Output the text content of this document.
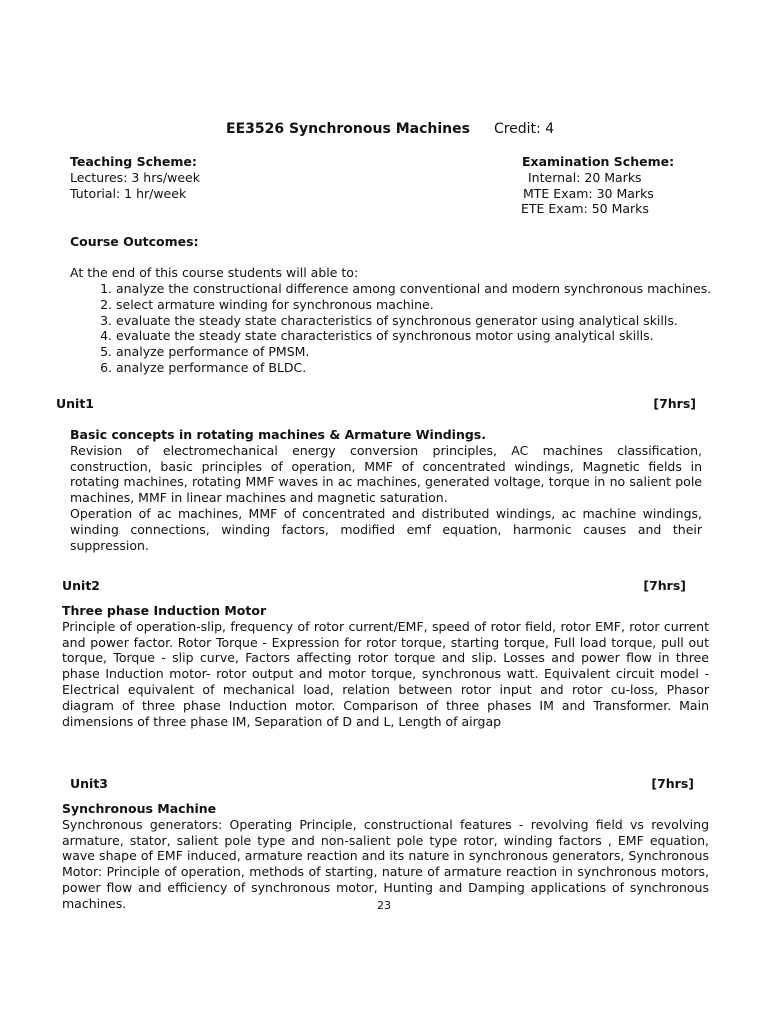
EE3526 Synchronous Machines Credit: 4
Teaching Scheme:
Lectures: 3 hrs/week
Tutorial: 1 hr/week
Examination Scheme:
Internal: 20 Marks
MTE Exam: 30 Marks
ETE Exam: 50 Marks
Course Outcomes:
At the end of this course students will able to:
1. analyze the constructional difference among conventional and modern synchronous machines.
2. select armature winding for synchronous machine.
3. evaluate the steady state characteristics of synchronous generator using analytical skills.
4. evaluate the steady state characteristics of synchronous motor using analytical skills.
5. analyze performance of PMSM.
6. analyze performance of BLDC.
Unit1	[7hrs]
Basic concepts in rotating machines & Armature Windings.
Revision of electromechanical energy conversion principles, AC machines classification, construction, basic principles of operation, MMF of concentrated windings, Magnetic fields in rotating machines, rotating MMF waves in ac machines, generated voltage, torque in no salient pole machines, MMF in linear machines and magnetic saturation.
Operation of ac machines, MMF of concentrated and distributed windings, ac machine windings, winding connections, winding factors, modified emf equation, harmonic causes and their suppression.
Unit2	[7hrs]
Three phase Induction Motor
Principle of operation-slip, frequency of rotor current/EMF, speed of rotor field, rotor EMF, rotor current and power factor. Rotor Torque - Expression for rotor torque, starting torque, Full load torque, pull out torque, Torque - slip curve, Factors affecting rotor torque and slip. Losses and power flow in three phase Induction motor- rotor output and motor torque, synchronous watt. Equivalent circuit model - Electrical equivalent of mechanical load, relation between rotor input and rotor cu-loss, Phasor diagram of three phase Induction motor. Comparison of three phases IM and Transformer. Main dimensions of three phase IM, Separation of D and L, Length of airgap
Unit3	[7hrs]
Synchronous Machine
Synchronous generators: Operating Principle, constructional features - revolving field vs revolving armature, stator, salient pole type and non-salient pole type rotor, winding factors , EMF equation, wave shape of EMF induced, armature reaction and its nature in synchronous generators, Synchronous Motor: Principle of operation, methods of starting, nature of armature reaction in synchronous motors, power flow and efficiency of synchronous motor, Hunting and Damping applications of synchronous machines.	23
